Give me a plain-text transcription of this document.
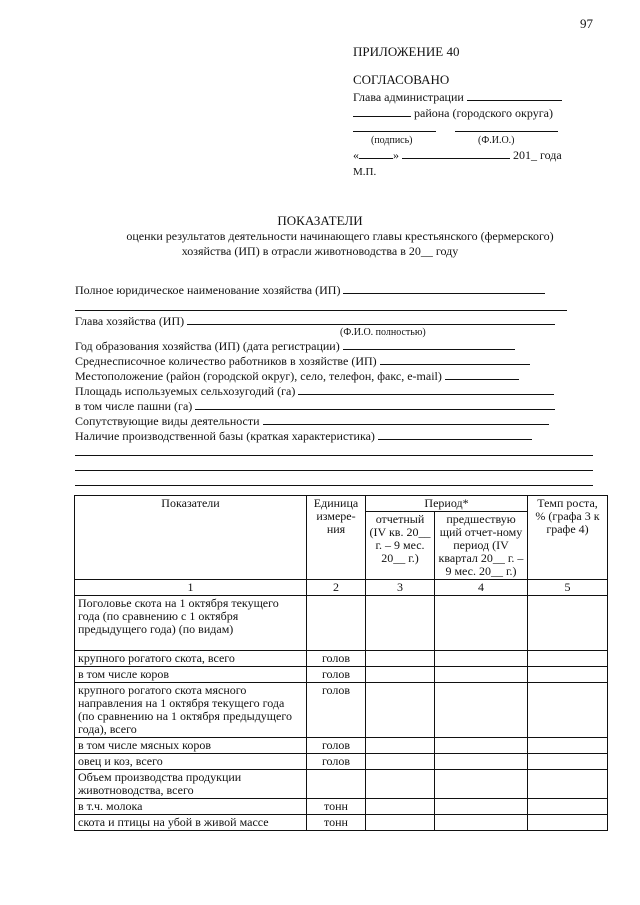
97
ПРИЛОЖЕНИЕ 40
СОГЛАСОВАНО
Глава администрации
района (городского округа)
(подпись)	(Ф.И.О.)
«	»	201_ года
М.П.
ПОКАЗАТЕЛИ
оценки результатов деятельности начинающего главы крестьянского (фермерского)
хозяйства (ИП) в отрасли животноводства в 20__ году
Полное юридическое наименование хозяйства (ИП)
Глава хозяйства (ИП)
(Ф.И.О. полностью)
Год образования хозяйства (ИП) (дата регистрации)
Среднесписочное количество работников в хозяйстве (ИП)
Местоположение (район (городской округ), село, телефон, факс, e-mail)
Площадь используемых сельхозугодий (га)
в том числе пашни (га)
Сопутствующие виды деятельности
Наличие производственной базы (краткая характеристика)
Показатели	Единица измере-ния	Период*		Темп роста, % (графа 3 к графе 4)
		отчетный (IV кв. 20__ г. – 9 мес. 20__ г.)	предшествую щий отчет-ному период (IV квартал 20__ г. – 9 мес. 20__ г.)	
1	2	3	4	5
Поголовье скота на 1 октября текущего года (по сравнению с 1 октября предыдущего года) (по видам)				
крупного рогатого скота, всего	голов			
в том числе коров	голов			
крупного рогатого скота мясного направления на 1 октября текущего года (по сравнению на 1 октября предыдущего года), всего	голов			
в том числе мясных коров	голов			
овец и коз, всего	голов			
Объем производства продукции животноводства, всего				
в т.ч. молока	тонн			
скота и птицы на убой в живой массе	тонн			
